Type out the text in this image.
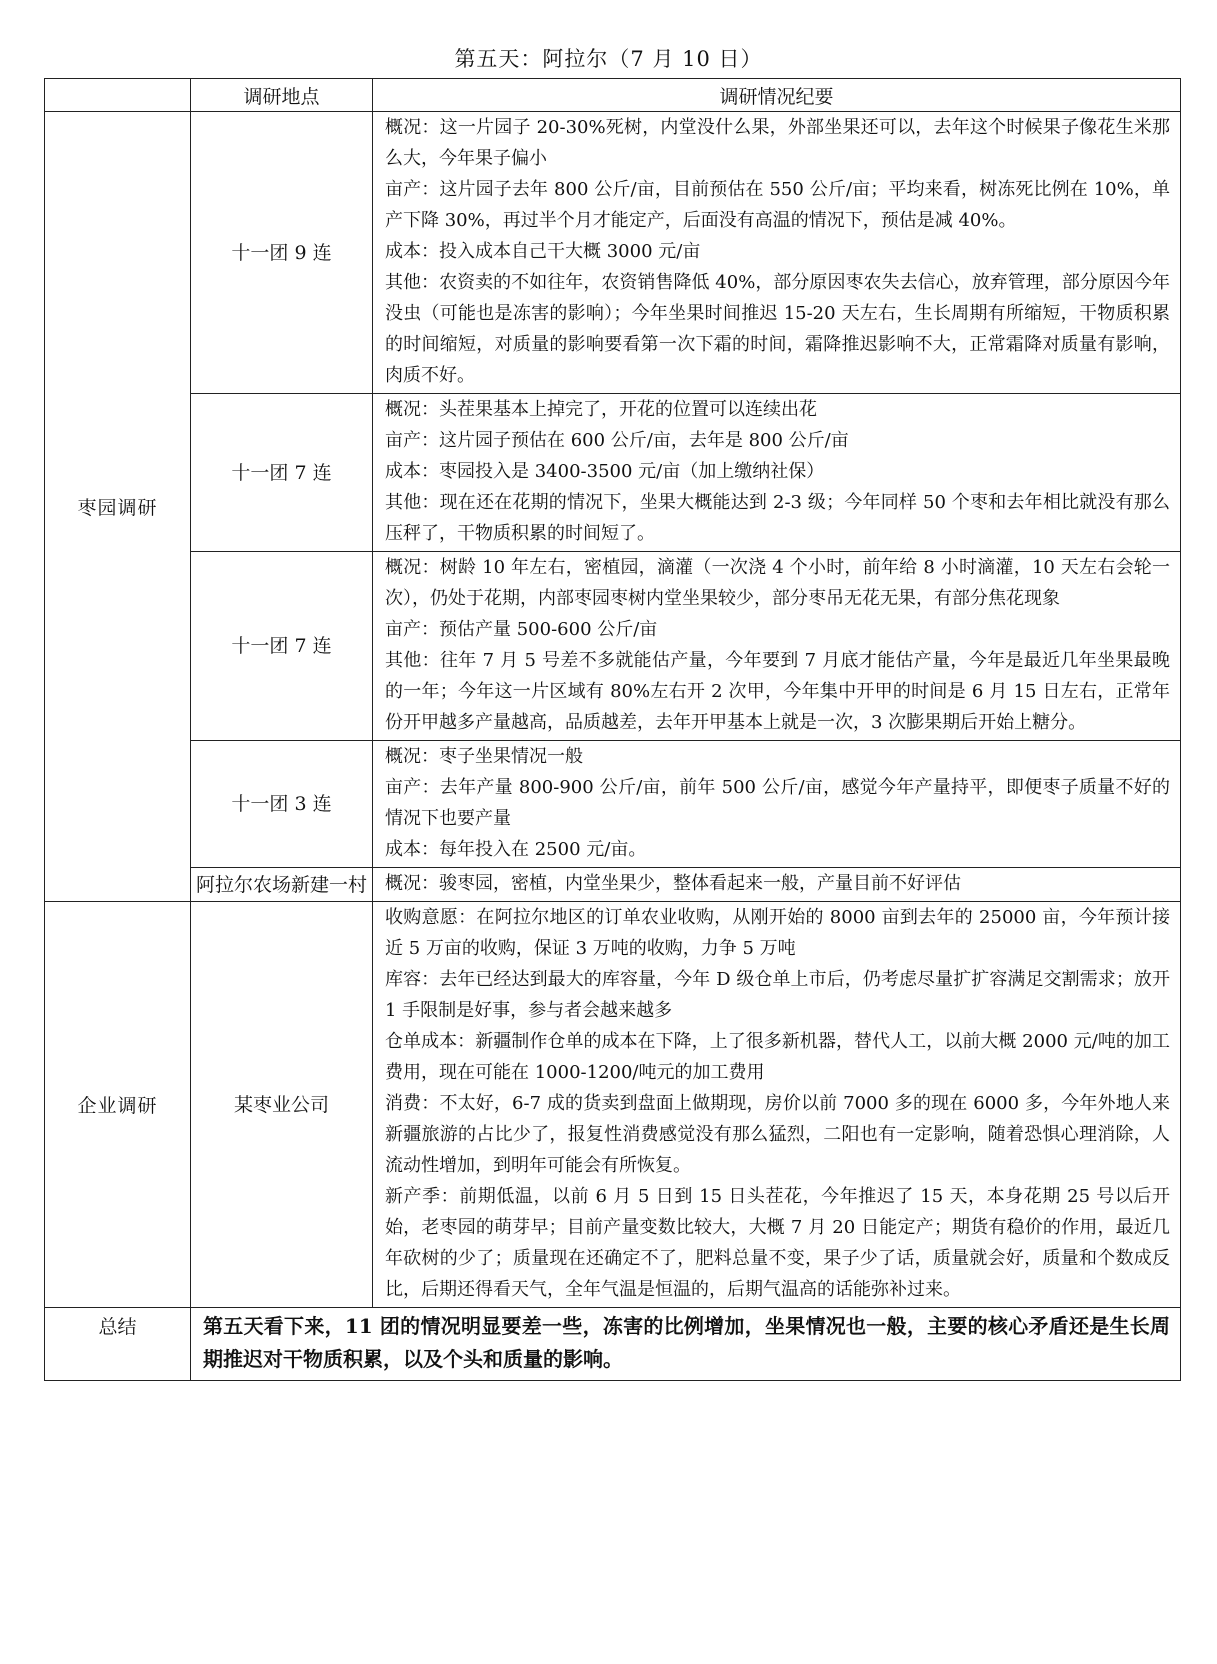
第五天：阿拉尔（7 月 10 日）
	调研地点	调研情况纪要
枣园调研	十一团 9 连	概况：这一片园子 20-30%死树，内堂没什么果，外部坐果还可以，去年这个时候果子像花生米那么大，今年果子偏小

亩产：这片园子去年 800 公斤/亩，目前预估在 550 公斤/亩；平均来看，树冻死比例在 10%，单产下降 30%，再过半个月才能定产，后面没有高温的情况下，预估是减 40%。

成本：投入成本自己干大概 3000 元/亩

其他：农资卖的不如往年，农资销售降低 40%，部分原因枣农失去信心，放弃管理，部分原因今年没虫（可能也是冻害的影响）；今年坐果时间推迟 15-20 天左右，生长周期有所缩短，干物质积累的时间缩短，对质量的影响要看第一次下霜的时间，霜降推迟影响不大，正常霜降对质量有影响，肉质不好。

	十一团 7 连	概况：头茬果基本上掉完了，开花的位置可以连续出花

亩产：这片园子预估在 600 公斤/亩，去年是 800 公斤/亩

成本：枣园投入是 3400-3500 元/亩（加上缴纳社保）

其他：现在还在花期的情况下，坐果大概能达到 2-3 级；今年同样 50 个枣和去年相比就没有那么压秤了，干物质积累的时间短了。

	十一团 7 连	概况：树龄 10 年左右，密植园，滴灌（一次浇 4 个小时，前年给 8 小时滴灌，10 天左右会轮一次），仍处于花期，内部枣园枣树内堂坐果较少，部分枣吊无花无果，有部分焦花现象

亩产：预估产量 500-600 公斤/亩

其他：往年 7 月 5 号差不多就能估产量，今年要到 7 月底才能估产量，今年是最近几年坐果最晚的一年；今年这一片区域有 80%左右开 2 次甲，今年集中开甲的时间是 6 月 15 日左右，正常年份开甲越多产量越高，品质越差，去年开甲基本上就是一次，3 次膨果期后开始上糖分。

	十一团 3 连	概况：枣子坐果情况一般

亩产：去年产量 800-900 公斤/亩，前年 500 公斤/亩，感觉今年产量持平，即便枣子质量不好的情况下也要产量

成本：每年投入在 2500 元/亩。

	阿拉尔农场新建一村	概况：骏枣园，密植，内堂坐果少，整体看起来一般，产量目前不好评估

企业调研	某枣业公司	收购意愿：在阿拉尔地区的订单农业收购，从刚开始的 8000 亩到去年的 25000 亩，今年预计接近 5 万亩的收购，保证 3 万吨的收购，力争 5 万吨

库容：去年已经达到最大的库容量，今年 D 级仓单上市后，仍考虑尽量扩扩容满足交割需求；放开 1 手限制是好事，参与者会越来越多

仓单成本：新疆制作仓单的成本在下降，上了很多新机器，替代人工，以前大概 2000 元/吨的加工费用，现在可能在 1000-1200/吨元的加工费用

消费：不太好，6-7 成的货卖到盘面上做期现，房价以前 7000 多的现在 6000 多，今年外地人来新疆旅游的占比少了，报复性消费感觉没有那么猛烈，二阳也有一定影响，随着恐惧心理消除，人流动性增加，到明年可能会有所恢复。

新产季：前期低温，以前 6 月 5 日到 15 日头茬花，今年推迟了 15 天，本身花期 25 号以后开始，老枣园的萌芽早；目前产量变数比较大，大概 7 月 20 日能定产；期货有稳价的作用，最近几年砍树的少了；质量现在还确定不了，肥料总量不变，果子少了话，质量就会好，质量和个数成反比，后期还得看天气，全年气温是恒温的，后期气温高的话能弥补过来。

总结	第五天看下来，11 团的情况明显要差一些，冻害的比例增加，坐果情况也一般，主要的核心矛盾还是生长周期推迟对干物质积累，以及个头和质量的影响。	
